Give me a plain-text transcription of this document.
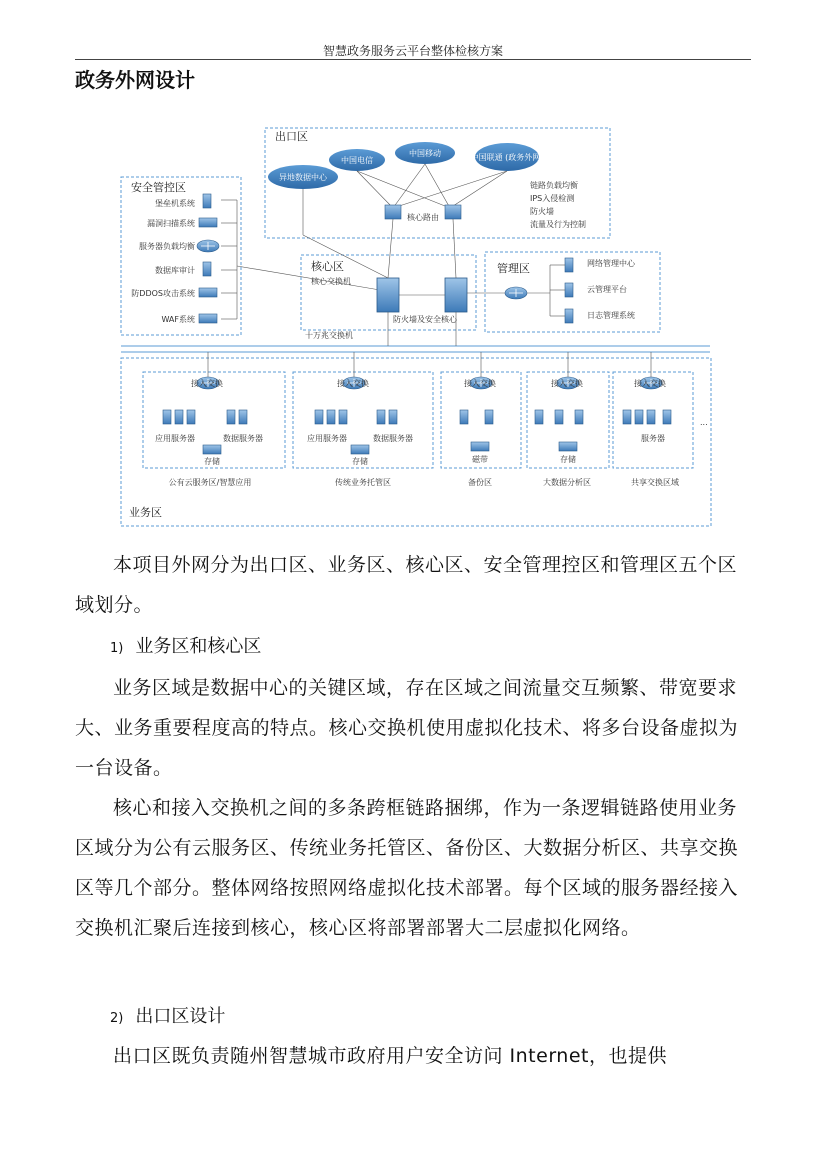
智慧政务服务云平台整体检核方案
政务外网设计
出口区
异地数据中心
中国电信
中国移动	中国联通 (政务外网)
核心路由
链路负载均衡
IPS入侵检测
防火墙
流量及行为控制
安全管控区
堡垒机系统
漏洞扫描系统
服务器负载均衡
数据库审计
防DDOS攻击系统
WAF系统
核心区
核心交换机
防火墙及安全核心
十万兆交换机
管理区	网络管理中心
云管理平台
日志管理系统
业务区
接入交换
应用服务器	数据服务器
存储
公有云服务区/智慧应用
接入交换
应用服务器	数据服务器
存储
传统业务托管区
接入交换
磁带
备份区
接入交换
存储
大数据分析区
接入交换
服务器
...
共享交换区域

本项目外网分为出口区、业务区、核心区、安全管理控区和管理区五个区域划分。

1) 业务区和核心区

业务区域是数据中心的关键区域，存在区域之间流量交互频繁、带宽要求大、业务重要程度高的特点。核心交换机使用虚拟化技术、将多台设备虚拟为一台设备。

核心和接入交换机之间的多条跨框链路捆绑，作为一条逻辑链路使用业务区域分为公有云服务区、传统业务托管区、备份区、大数据分析区、共享交换区等几个部分。整体网络按照网络虚拟化技术部署。每个区域的服务器经接入交换机汇聚后连接到核心，核心区将部署部署大二层虚拟化网络。

2) 出口区设计

出口区既负责随州智慧城市政府用户安全访问 Internet，也提供
